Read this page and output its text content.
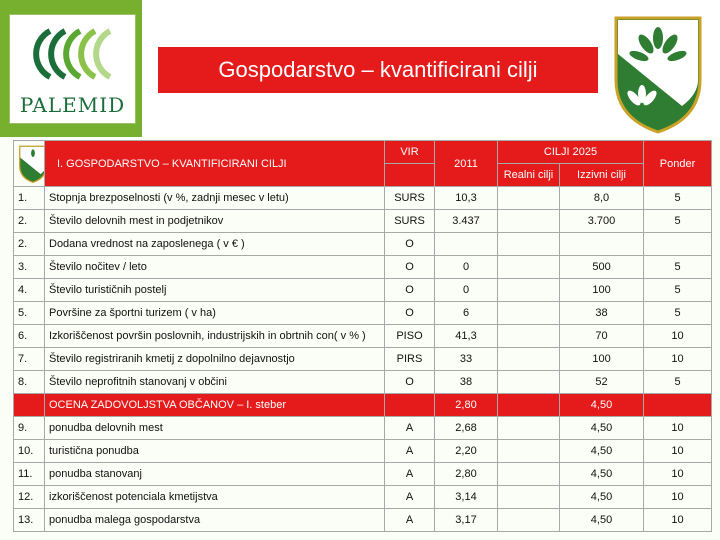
PALEMID
Gospodarstvo – kvantificirani cilji
	I. GOSPODARSTVO – KVANTIFICIRANI CILJI	VIR	2011	CILJI 2025		Ponder
				Realni cilji	Izzivni cilji	
1.	Stopnja brezposelnosti (v %, zadnji mesec v letu)	SURS	10,3		8,0	5
2.	Število delovnih mest in podjetnikov	SURS	3.437		3.700	5
2.	Dodana vrednost na zaposlenega ( v € )	O				
3.	Število nočitev / leto	O	0		500	5
4.	Število turističnih postelj	O	0		100	5
5.	Površine za športni turizem ( v ha)	O	6		38	5
6.	Izkoriščenost površin poslovnih, industrijskih in obrtnih con( v % )	PISO	41,3		70	10
7.	Število registriranih kmetij z dopolnilno dejavnostjo	PIRS	33		100	10
8.	Število neprofitnih stanovanj v občini	O	38		52	5
	OCENA ZADOVOLJSTVA OBČANOV – I. steber		2,80		4,50	
9.	ponudba delovnih mest	A	2,68		4,50	10
10.	turistična ponudba	A	2,20		4,50	10
11.	ponudba stanovanj	A	2,80		4,50	10
12.	izkoriščenost potenciala kmetijstva	A	3,14		4,50	10
13.	ponudba malega gospodarstva	A	3,17		4,50	10
